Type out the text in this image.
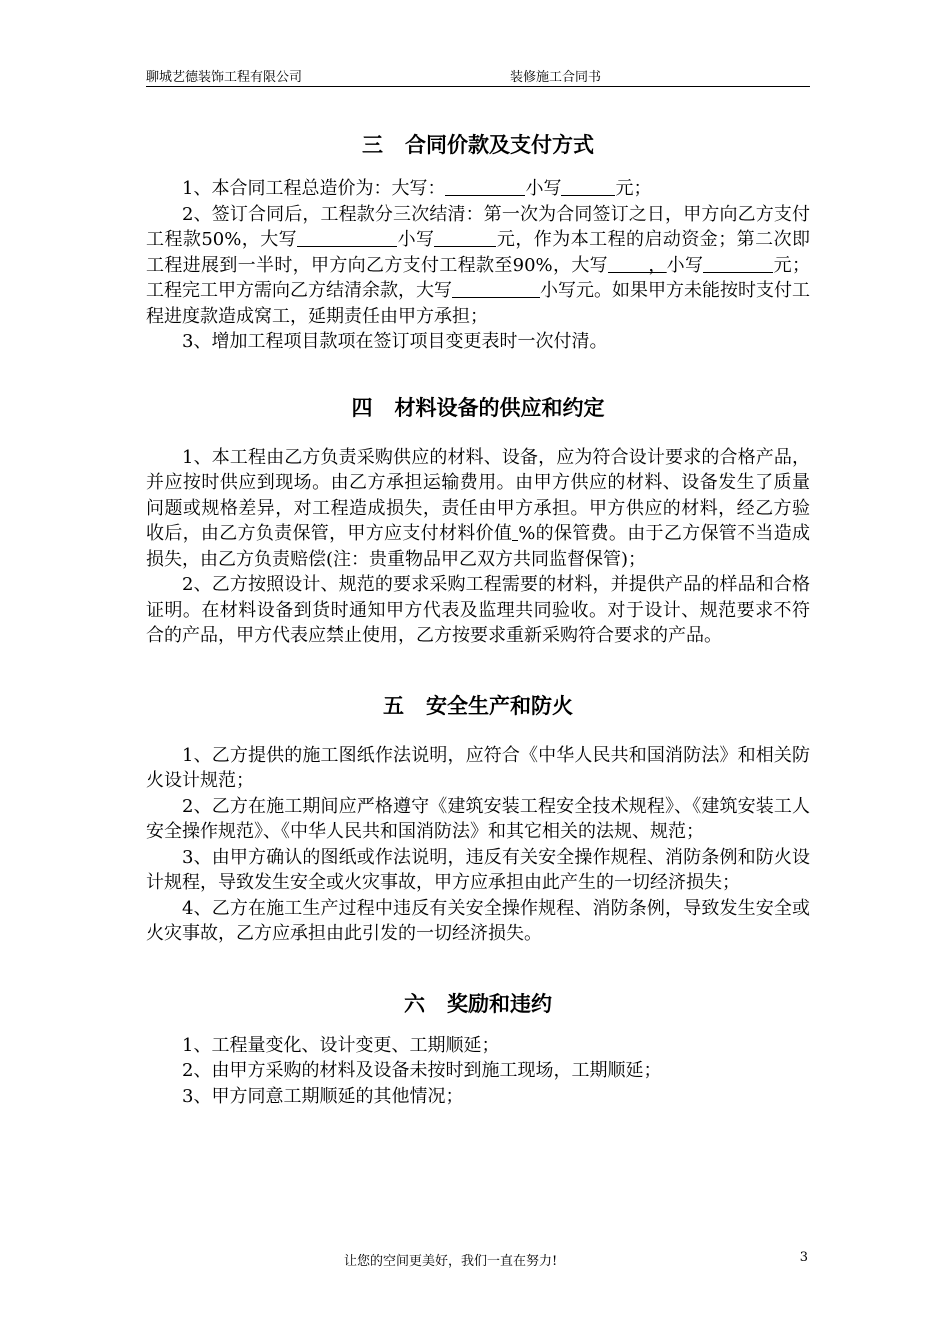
聊城艺德装饰工程有限公司	装修施工合同书
三 合同价款及支付方式

1、本合同工程总造价为：大写：	小写	元；

2、签订合同后，工程款分三次结清：第一次为合同签订之日，甲方向乙方支付工程款50%，大写	小写	元，作为本工程的启动资金；第二次即工程进展到一半时，甲方向乙方支付工程款至90%，大写 ，小写	元；工程完工甲方需向乙方结清余款，大写	小写元。如果甲方未能按时支付工程进度款造成窝工，延期责任由甲方承担；

3、增加工程项目款项在签订项目变更表时一次付清。

四 材料设备的供应和约定

1、本工程由乙方负责采购供应的材料、设备，应为符合设计要求的合格产品，并应按时供应到现场。由乙方承担运输费用。由甲方供应的材料、设备发生了质量问题或规格差异，对工程造成损失，责任由甲方承担。甲方供应的材料，经乙方验收后，由乙方负责保管，甲方应支付材料价值 %的保管费。由于乙方保管不当造成损失，由乙方负责赔偿(注：贵重物品甲乙双方共同监督保管)；

2、乙方按照设计、规范的要求采购工程需要的材料，并提供产品的样品和合格证明。在材料设备到货时通知甲方代表及监理共同验收。对于设计、规范要求不符合的产品，甲方代表应禁止使用，乙方按要求重新采购符合要求的产品。

五 安全生产和防火

1、乙方提供的施工图纸作法说明，应符合《中华人民共和国消防法》和相关防火设计规范；

2、乙方在施工期间应严格遵守《建筑安装工程安全技术规程》、《建筑安装工人安全操作规范》、《中华人民共和国消防法》和其它相关的法规、规范；

3、由甲方确认的图纸或作法说明，违反有关安全操作规程、消防条例和防火设计规程，导致发生安全或火灾事故，甲方应承担由此产生的一切经济损失；

4、乙方在施工生产过程中违反有关安全操作规程、消防条例，导致发生安全或火灾事故，乙方应承担由此引发的一切经济损失。

六 奖励和违约

1、工程量变化、设计变更、工期顺延；

2、由甲方采购的材料及设备未按时到施工现场，工期顺延；

3、甲方同意工期顺延的其他情况；

让您的空间更美好，我们一直在努力!	3
